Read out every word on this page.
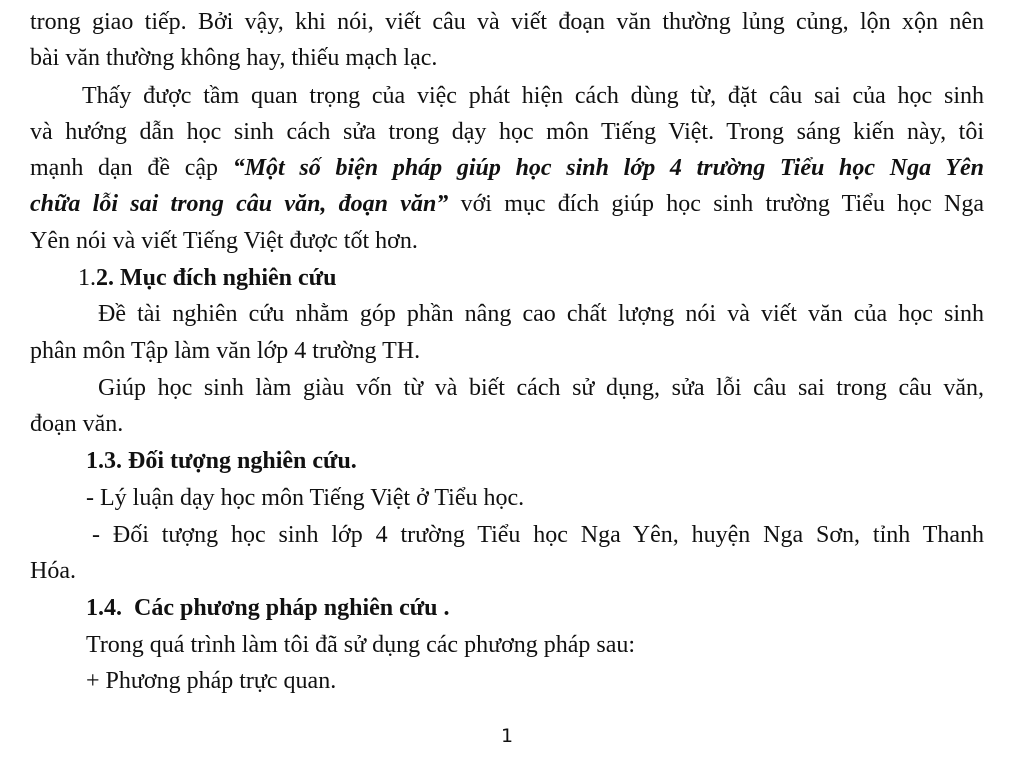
trong giao tiếp. Bởi vậy, khi nói, viết câu và viết đoạn văn thường lủng củng, lộn xộn nên
bài văn thường không hay, thiếu mạch lạc.
Thấy được tầm quan trọng của việc phát hiện cách dùng từ, đặt câu sai của học sinh
và hướng dẫn học sinh cách sửa trong dạy học môn Tiếng Việt. Trong sáng kiến này, tôi
mạnh dạn đề cập “Một số biện pháp giúp học sinh lớp 4 trường Tiểu học Nga Yên
chữa lỗi sai trong câu văn, đoạn văn” với mục đích giúp học sinh trường Tiểu học Nga
Yên nói và viết Tiếng Việt được tốt hơn.
1.2. Mục đích nghiên cứu
Đề tài nghiên cứu nhằm góp phần nâng cao chất lượng nói và viết văn của học sinh
phân môn Tập làm văn lớp 4 trường TH.
Giúp học sinh làm giàu vốn từ và biết cách sử dụng, sửa lỗi câu sai trong câu văn,
đoạn văn.
1.3. Đối tượng nghiên cứu.
- Lý luận dạy học môn Tiếng Việt ở Tiểu học.
- Đối tượng học sinh lớp 4 trường Tiểu học Nga Yên, huyện Nga Sơn, tỉnh Thanh
Hóa.
1.4.  Các phương pháp nghiên cứu .
Trong quá trình làm tôi đã sử dụng các phương pháp sau:
+ Phương pháp trực quan.
1
